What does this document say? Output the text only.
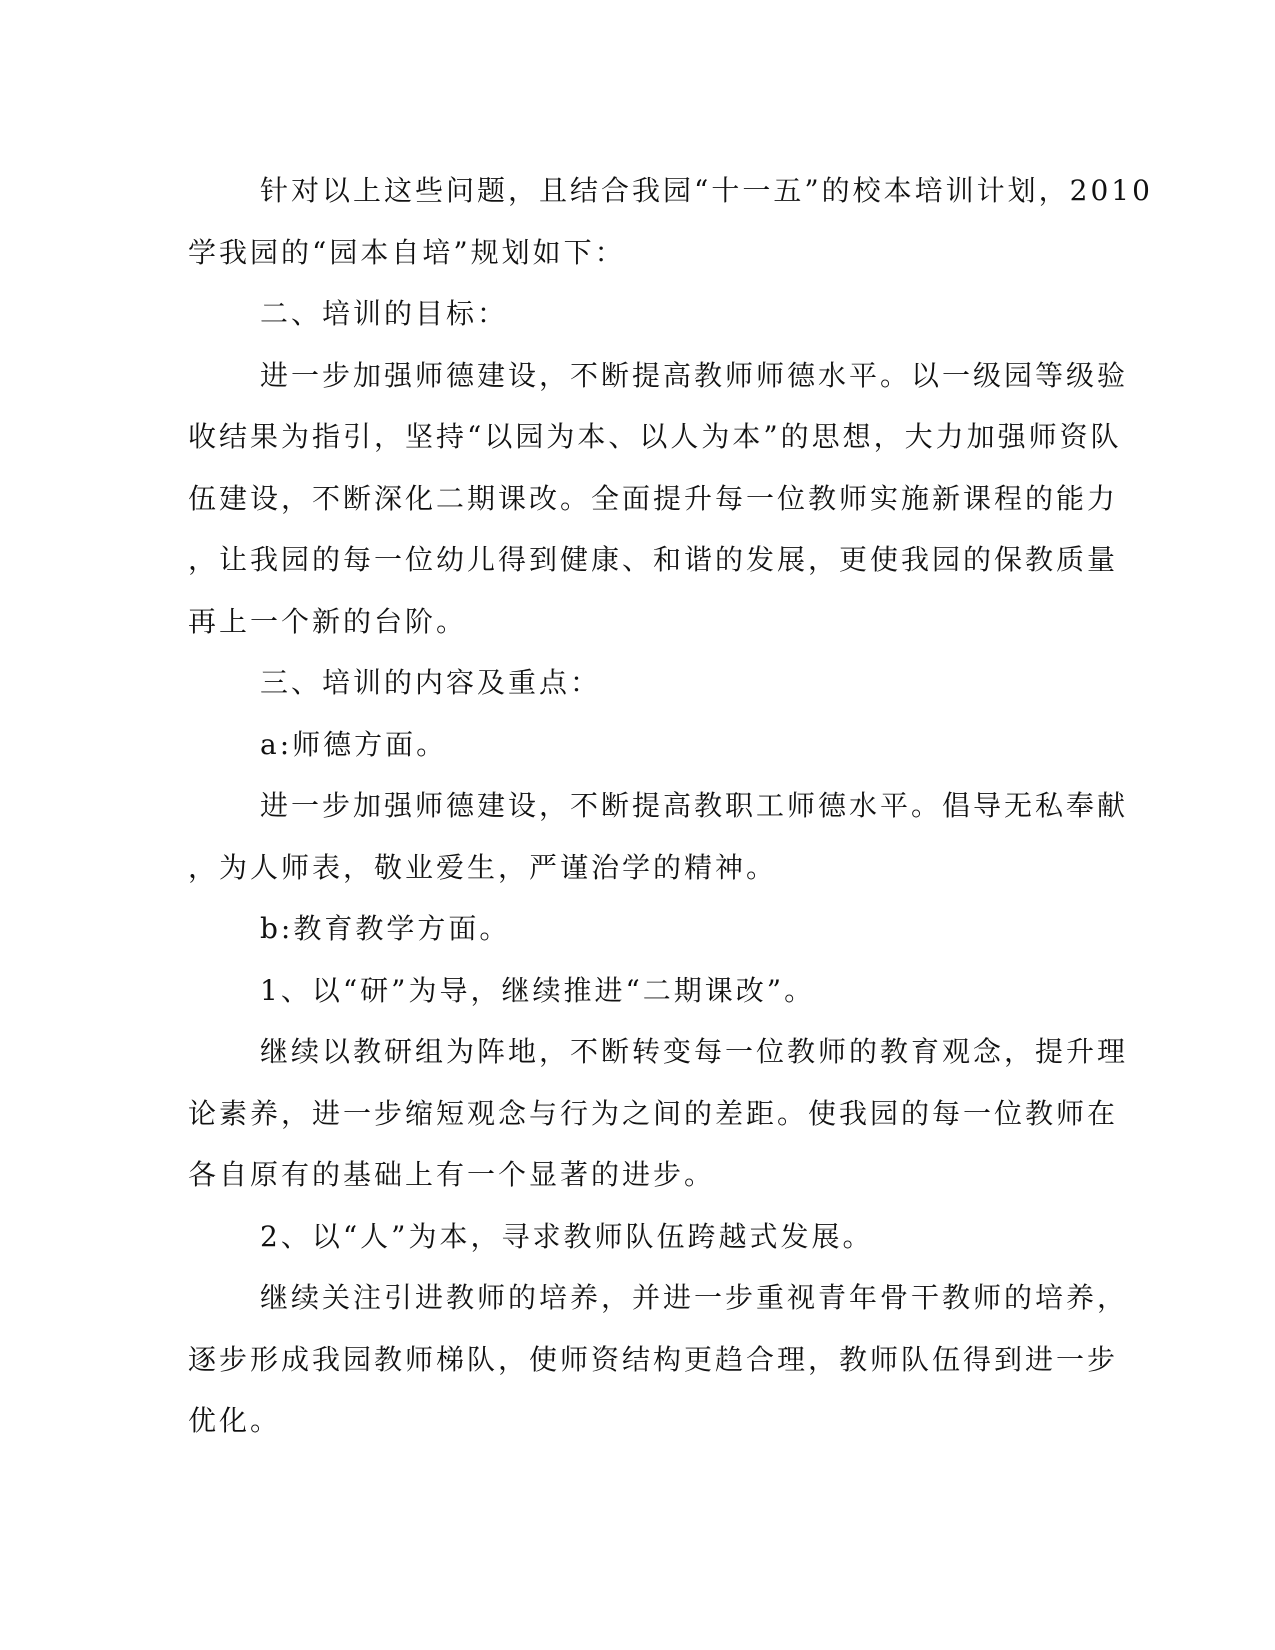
针对以上这些问题，且结合我园“十一五”的校本培训计划，2010
学我园的“园本自培”规划如下：

二、培训的目标：

进一步加强师德建设，不断提高教师师德水平。以一级园等级验
收结果为指引，坚持“以园为本、以人为本”的思想，大力加强师资队
伍建设，不断深化二期课改。全面提升每一位教师实施新课程的能力
，让我园的每一位幼儿得到健康、和谐的发展，更使我园的保教质量
再上一个新的台阶。

三、培训的内容及重点：

a:师德方面。

进一步加强师德建设，不断提高教职工师德水平。倡导无私奉献
，为人师表，敬业爱生，严谨治学的精神。

b:教育教学方面。

1、以“研”为导，继续推进“二期课改”。

继续以教研组为阵地，不断转变每一位教师的教育观念，提升理
论素养，进一步缩短观念与行为之间的差距。使我园的每一位教师在
各自原有的基础上有一个显著的进步。

2、以“人”为本，寻求教师队伍跨越式发展。

继续关注引进教师的培养，并进一步重视青年骨干教师的培养，
逐步形成我园教师梯队，使师资结构更趋合理，教师队伍得到进一步
优化。
